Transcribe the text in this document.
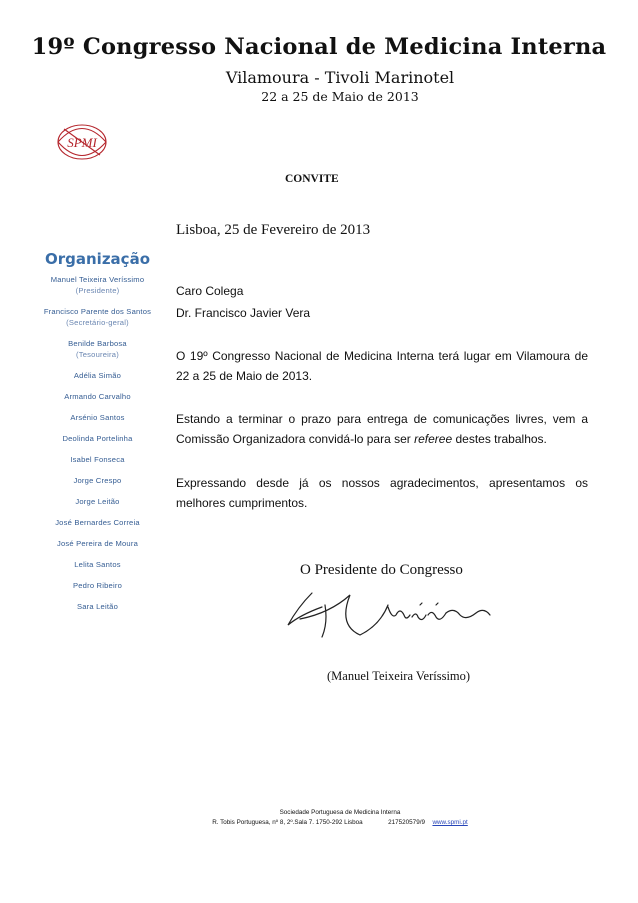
19º Congresso Nacional de Medicina Interna
Vilamoura - Tivoli Marinotel
22 a 25 de Maio de 2013
SPMI
CONVITE
Lisboa, 25 de Fevereiro de 2013
Organização
Manuel Teixeira Veríssimo
(Presidente)
Francisco Parente dos Santos
(Secretário-geral)
Benilde Barbosa
(Tesoureira)
Adélia Simão
Armando Carvalho
Arsénio Santos
Deolinda Portelinha
Isabel Fonseca
Jorge Crespo
Jorge Leitão
José Bernardes Correia
José Pereira de Moura
Lelita Santos
Pedro Ribeiro
Sara Leitão
Caro Colega
Dr. Francisco Javier Vera
O 19º Congresso Nacional de Medicina Interna terá lugar em Vilamoura de 22 a 25 de Maio de 2013.
Estando a terminar o prazo para entrega de comunicações livres, vem a Comissão Organizadora convidá-lo para ser referee destes trabalhos.
Expressando desde já os nossos agradecimentos, apresentamos os melhores cumprimentos.
O Presidente do Congresso
(Manuel Teixeira Veríssimo)
Sociedade Portuguesa de Medicina Interna
R. Tobis Portuguesa, nº 8, 2º.Sala 7. 1750-292 Lisboa	217520579/9 www.spmi.pt
